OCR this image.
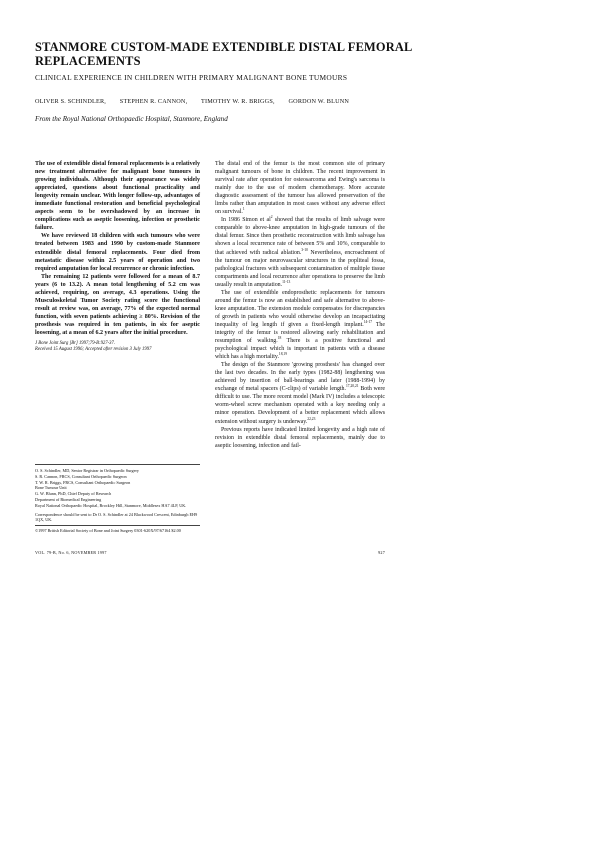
STANMORE CUSTOM-MADE EXTENDIBLE DISTAL FEMORAL REPLACEMENTS
CLINICAL EXPERIENCE IN CHILDREN WITH PRIMARY MALIGNANT BONE TUMOURS
OLIVER S. SCHINDLER, STEPHEN R. CANNON, TIMOTHY W. R. BRIGGS, GORDON W. BLUNN
From the Royal National Orthopaedic Hospital, Stanmore, England

The use of extendible distal femoral replacements is a relatively new treatment alternative for malignant bone tumours in growing individuals. Although their appearance was widely appreciated, questions about functional practicality and longevity remain unclear. With longer follow-up, advantages of immediate functional restoration and beneficial psychological aspects seem to be overshadowed by an increase in complications such as aseptic loosening, infection or prosthetic failure.

We have reviewed 18 children with such tumours who were treated between 1983 and 1990 by custom-made Stanmore extendible distal femoral replacements. Four died from metastatic disease within 2.5 years of operation and two required amputation for local recurrence or chronic infection.

The remaining 12 patients were followed for a mean of 8.7 years (6 to 13.2). A mean total lengthening of 5.2 cm was achieved, requiring, on average, 4.3 operations. Using the Musculoskeletal Tumor Society rating score the functional result at review was, on average, 77% of the expected normal function, with seven patients achieving ≥ 80%. Revision of the prosthesis was required in ten patients, in six for aseptic loosening, at a mean of 6.2 years after the initial procedure.

J Bone Joint Surg [Br] 1997;79-B:927-37.
Received 15 August 1996; Accepted after revision 3 July 1997

The distal end of the femur is the most common site of primary malignant tumours of bone in children. The recent improvement in survival rate after operation for osteosarcoma and Ewing's sarcoma is mainly due to the use of modern chemotherapy. More accurate diagnostic assessment of the tumour has allowed preservation of the limbs rather than amputation in most cases without any adverse effect on survival.$^1$

In 1986 Simon et $al^2$ showed that the results of limb salvage were comparable to above-knee amputation in high-grade tumours of the distal femur. Since then prosthetic reconstruction with limb salvage has shown a local recurrence rate of between 5% and 10%, comparable to that achieved with radical ablation.$^{3-10}$ Nevertheless, encroachment of the tumour on major neurovascular structures in the popliteal fossa, pathological fractures with subsequent contamination of multiple tissue compartments and local recurrence after operations to preserve the limb usually result in amputation.$^{11-13}$

The use of extendible endoprosthetic replacements for tumours around the femur is now an established and safe alternative to above-knee amputation. The extension module compensates for discrepancies of growth in patients who would otherwise develop an incapacitating inequality of leg length if given a fixed-length implant.$^{14-17}$ The integrity of the femur is restored allowing early rehabilitation and resumption of walking.$^{18}$ There is a positive functional and psychological impact which is important in patients with a disease which has a high mortality.$^{18,19}$

The design of the Stanmore 'growing prosthesis' has changed over the last two decades. In the early types (1982-88) lengthening was achieved by insertion of ball-bearings and later (1988-1994) by exchange of metal spacers (C-clips) of variable length.$^{17,20,21}$ Both were difficult to use. The more recent model (Mark IV) includes a telescopic worm-wheel screw mechanism operated with a key needing only a minor operation. Development of a better replacement which allows extension without surgery is underway.$^{22,23}$

Previous reports have indicated limited longevity and a high rate of revision in extendible distal femoral replacements, mainly due to aseptic loosening, infection and fail-

O. S. Schindler, MD, Senior Registrar in Orthopaedic Surgery
S. R. Cannon, FRCS, Consultant Orthopaedic Surgeon
T. W. R. Briggs, FRCS, Consultant Orthopaedic Surgeon
Bone Tumour Unit
G. W. Blunn, PhD, Chief Deputy of Research
Department of Biomedical Engineering
Royal National Orthopaedic Hospital, Brockley Hill, Stanmore, Middlesex HA7 4LP, UK.
Correspondence should be sent to Dr O. S. Schindler at 24 Blackwood Crescent, Edinburgh EH9 1QX, UK.
©1997 British Editorial Society of Bone and Joint Surgery 0301-620X/97/67164 $2.00
VOL. 79-B, No. 6, NOVEMBER 1997	927
